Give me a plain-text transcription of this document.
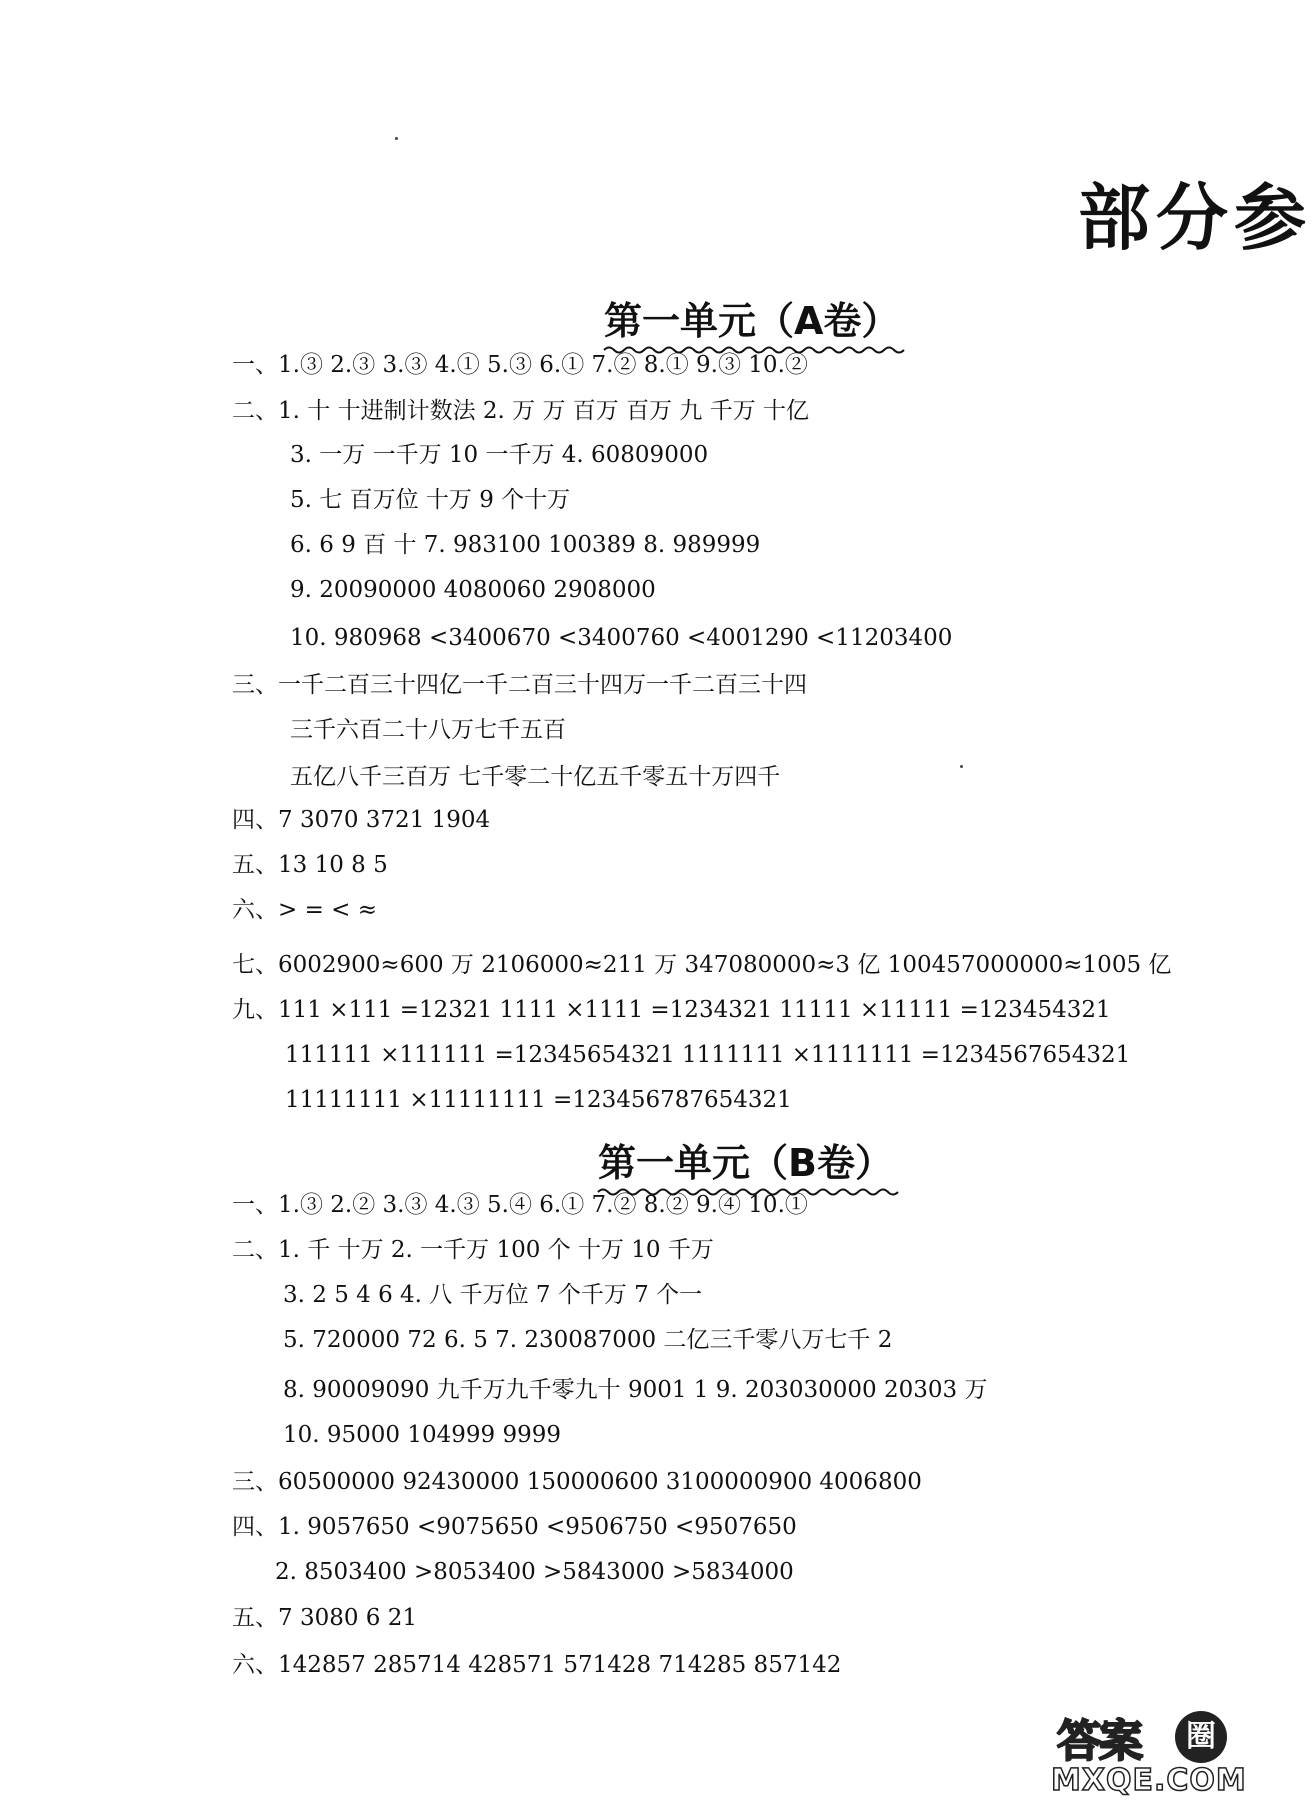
部分参
第一单元（A卷）
一、1.③ 2.③ 3.③ 4.① 5.③ 6.① 7.② 8.① 9.③ 10.②
二、1. 十 十进制计数法 2. 万 万 百万 百万 九 千万 十亿
3. 一万 一千万 10 一千万 4. 60809000
5. 七 百万位 十万 9 个十万
6. 6 9 百 十 7. 983100 100389 8. 989999
9. 20090000 4080060 2908000
10. 980968 <3400670 <3400760 <4001290 <11203400
三、一千二百三十四亿一千二百三十四万一千二百三十四
三千六百二十八万七千五百
五亿八千三百万 七千零二十亿五千零五十万四千
四、7 3070 3721 1904
五、13 10 8 5
六、> = < ≈
七、6002900≈600 万 2106000≈211 万 347080000≈3 亿 100457000000≈1005 亿
九、111 ×111 =12321 1111 ×1111 =1234321 11111 ×11111 =123454321
111111 ×111111 =12345654321 1111111 ×1111111 =1234567654321
11111111 ×11111111 =123456787654321
第一单元（B卷）
一、1.③ 2.② 3.③ 4.③ 5.④ 6.① 7.② 8.② 9.④ 10.①
二、1. 千 十万 2. 一千万 100 个 十万 10 千万
3. 2 5 4 6 4. 八 千万位 7 个千万 7 个一
5. 720000 72 6. 5 7. 230087000 二亿三千零八万七千 2
8. 90009090 九千万九千零九十 9001 1 9. 203030000 20303 万
10. 95000 104999 9999
三、60500000 92430000 150000600 3100000900 4006800
四、1. 9057650 <9075650 <9506750 <9507650
2. 8503400 >8053400 >5843000 >5834000
五、7 3080 6 21
六、142857 285714 428571 571428 714285 857142
答案	圈
MXQE.COM
